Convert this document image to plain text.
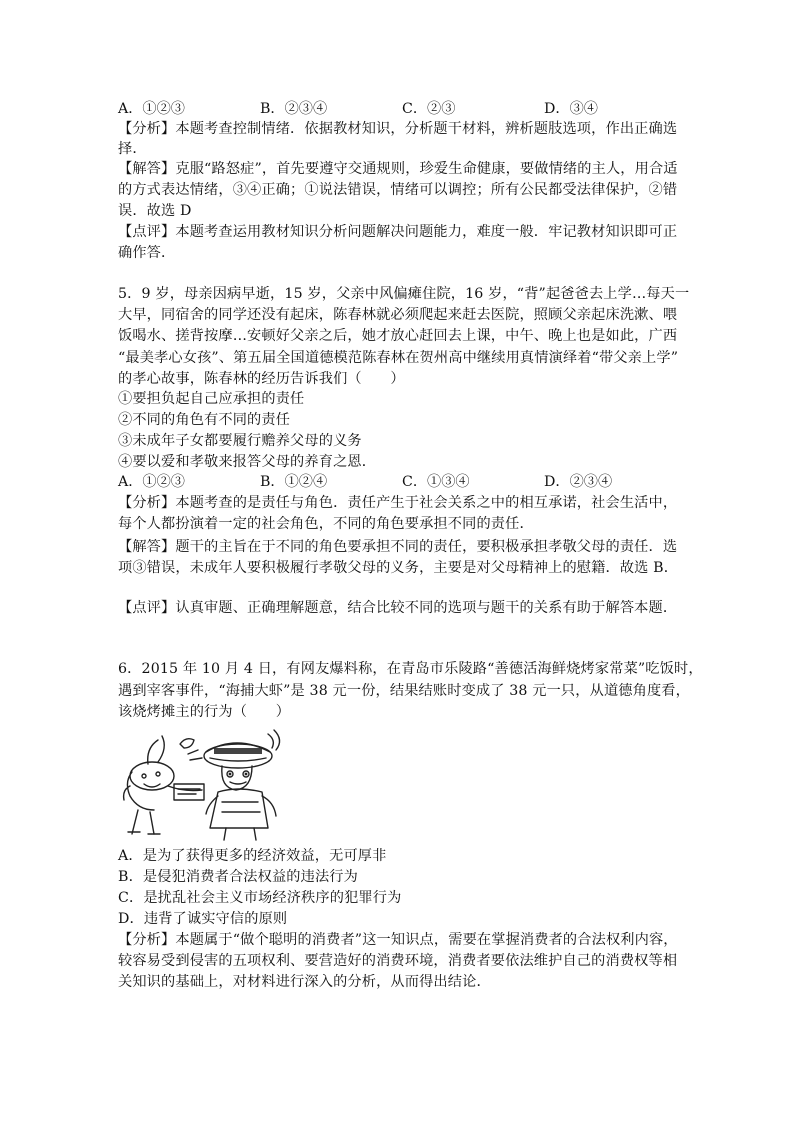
A．①②③	B．②③④	C．②③	D．③④
【分析】本题考查控制情绪．依据教材知识，分析题干材料，辨析题肢选项，作出正确选
择．
【解答】克服“路怒症”，首先要遵守交通规则，珍爱生命健康，要做情绪的主人，用合适
的方式表达情绪，③④正确；①说法错误，情绪可以调控；所有公民都受法律保护，②错
误．故选 D
【点评】本题考查运用教材知识分析问题解决问题能力，难度一般．牢记教材知识即可正
确作答．
5．9 岁，母亲因病早逝，15 岁，父亲中风偏瘫住院，16 岁，“背”起爸爸去上学…每天一
大早，同宿舍的同学还没有起床，陈春林就必须爬起来赶去医院，照顾父亲起床洗漱、喂
饭喝水、搓背按摩…安顿好父亲之后，她才放心赶回去上课，中午、晚上也是如此，广西
“最美孝心女孩”、第五届全国道德模范陈春林在贺州高中继续用真情演绎着“带父亲上学”
的孝心故事，陈春林的经历告诉我们（　　）
①要担负起自己应承担的责任
②不同的角色有不同的责任
③未成年子女都要履行赡养父母的义务
④要以爱和孝敬来报答父母的养育之恩．
A．①②③	B．①②④	C．①③④	D．②③④
【分析】本题考查的是责任与角色．责任产生于社会关系之中的相互承诺，社会生活中，
每个人都扮演着一定的社会角色，不同的角色要承担不同的责任．
【解答】题干的主旨在于不同的角色要承担不同的责任，要积极承担孝敬父母的责任．选
项③错误，未成年人要积极履行孝敬父母的义务，主要是对父母精神上的慰籍．故选 B．
【点评】认真审题、正确理解题意，结合比较不同的选项与题干的关系有助于解答本题．
6．2015 年 10 月 4 日，有网友爆料称，在青岛市乐陵路“善德活海鲜烧烤家常菜”吃饭时，
遇到宰客事件，“海捕大虾”是 38 元一份，结果结账时变成了 38 元一只，从道德角度看，
该烧烤摊主的行为（　　）
A．是为了获得更多的经济效益，无可厚非
B．是侵犯消费者合法权益的违法行为
C．是扰乱社会主义市场经济秩序的犯罪行为
D．违背了诚实守信的原则
【分析】本题属于“做个聪明的消费者”这一知识点，需要在掌握消费者的合法权利内容，
较容易受到侵害的五项权利、要营造好的消费环境，消费者要依法维护自己的消费权等相
关知识的基础上，对材料进行深入的分析，从而得出结论．
